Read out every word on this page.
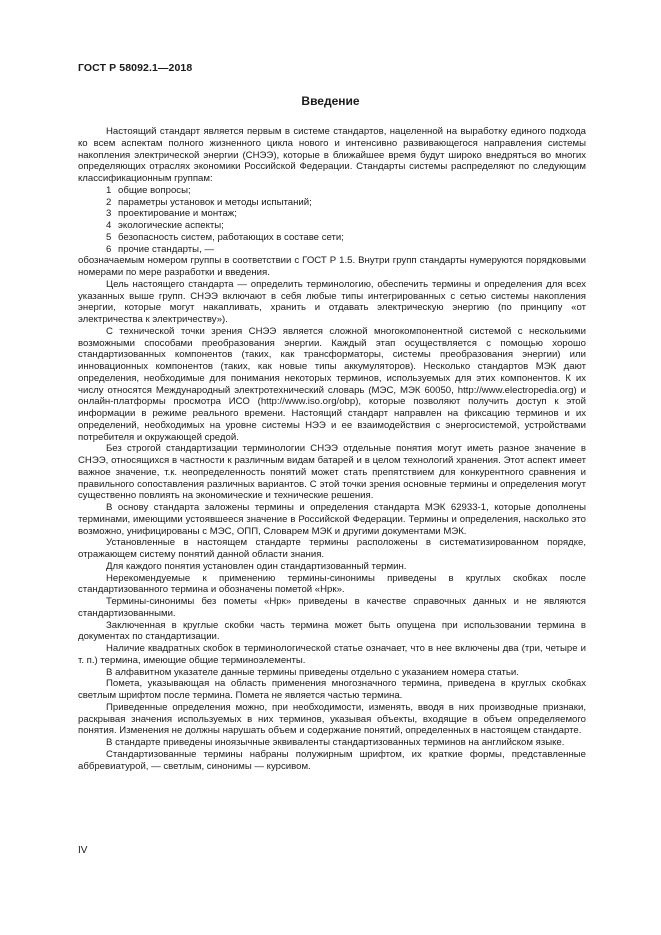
ГОСТ Р 58092.1—2018
Введение

Настоящий стандарт является первым в системе стандартов, нацеленной на выработку единого подхода ко всем аспектам полного жизненного цикла нового и интенсивно развивающегося направления системы накопления электрической энергии (СНЭЭ), которые в ближайшее время будут широко внедряться во многих определяющих отраслях экономики Российской Федерации. Стандарты системы распределяют по следующим классификационным группам:

1 общие вопросы;

2 параметры установок и методы испытаний;

3 проектирование и монтаж;

4 экологические аспекты;

5 безопасность систем, работающих в составе сети;

6 прочие стандарты, —

обозначаемым номером группы в соответствии с ГОСТ Р 1.5. Внутри групп стандарты нумеруются порядковыми номерами по мере разработки и введения.

Цель настоящего стандарта — определить терминологию, обеспечить термины и определения для всех указанных выше групп. СНЭЭ включают в себя любые типы интегрированных с сетью системы накопления энергии, которые могут накапливать, хранить и отдавать электрическую энергию (по принципу «от электричества к электричеству»).

С технической точки зрения СНЭЭ является сложной многокомпонентной системой с несколькими возможными способами преобразования энергии. Каждый этап осуществляется с помощью хорошо стандартизованных компонентов (таких, как трансформаторы, системы преобразования энергии) или инновационных компонентов (таких, как новые типы аккумуляторов). Несколько стандартов МЭК дают определения, необходимые для понимания некоторых терминов, используемых для этих компонентов. К их числу относятся Международный электротехнический словарь (МЭС, МЭК 60050, http://www.electropedia.org) и онлайн-платформы просмотра ИСО (http://www.iso.org/obp), которые позволяют получить доступ к этой информации в режиме реального времени. Настоящий стандарт направлен на фиксацию терминов и их определений, необходимых на уровне системы НЭЭ и ее взаимодействия с энергосистемой, устройствами потребителя и окружающей средой.

Без строгой стандартизации терминологии СНЭЭ отдельные понятия могут иметь разное значение в СНЭЭ, относящихся в частности к различным видам батарей и в целом технологий хранения. Этот аспект имеет важное значение, т.к. неопределенность понятий может стать препятствием для конкурентного сравнения и правильного сопоставления различных вариантов. С этой точки зрения основные термины и определения могут существенно повлиять на экономические и технические решения.

В основу стандарта заложены термины и определения стандарта МЭК 62933-1, которые дополнены терминами, имеющими устоявшееся значение в Российской Федерации. Термины и определения, насколько это возможно, унифицированы с МЭС, ОПП, Словарем МЭК и другими документами МЭК.

Установленные в настоящем стандарте термины расположены в систематизированном порядке, отражающем систему понятий данной области знания.

Для каждого понятия установлен один стандартизованный термин.

Нерекомендуемые к применению термины-синонимы приведены в круглых скобках после стандартизованного термина и обозначены пометой «Нрк».

Термины-синонимы без пометы «Нрк» приведены в качестве справочных данных и не являются стандартизованными.

Заключенная в круглые скобки часть термина может быть опущена при использовании термина в документах по стандартизации.

Наличие квадратных скобок в терминологической статье означает, что в нее включены два (три, четыре и т. п.) термина, имеющие общие терминоэлементы.

В алфавитном указателе данные термины приведены отдельно с указанием номера статьи.

Помета, указывающая на область применения многозначного термина, приведена в круглых скобках светлым шрифтом после термина. Помета не является частью термина.

Приведенные определения можно, при необходимости, изменять, вводя в них производные признаки, раскрывая значения используемых в них терминов, указывая объекты, входящие в объем определяемого понятия. Изменения не должны нарушать объем и содержание понятий, определенных в настоящем стандарте.

В стандарте приведены иноязычные эквиваленты стандартизованных терминов на английском языке.

Стандартизованные термины набраны полужирным шрифтом, их краткие формы, представленные аббревиатурой, — светлым, синонимы — курсивом.

IV
